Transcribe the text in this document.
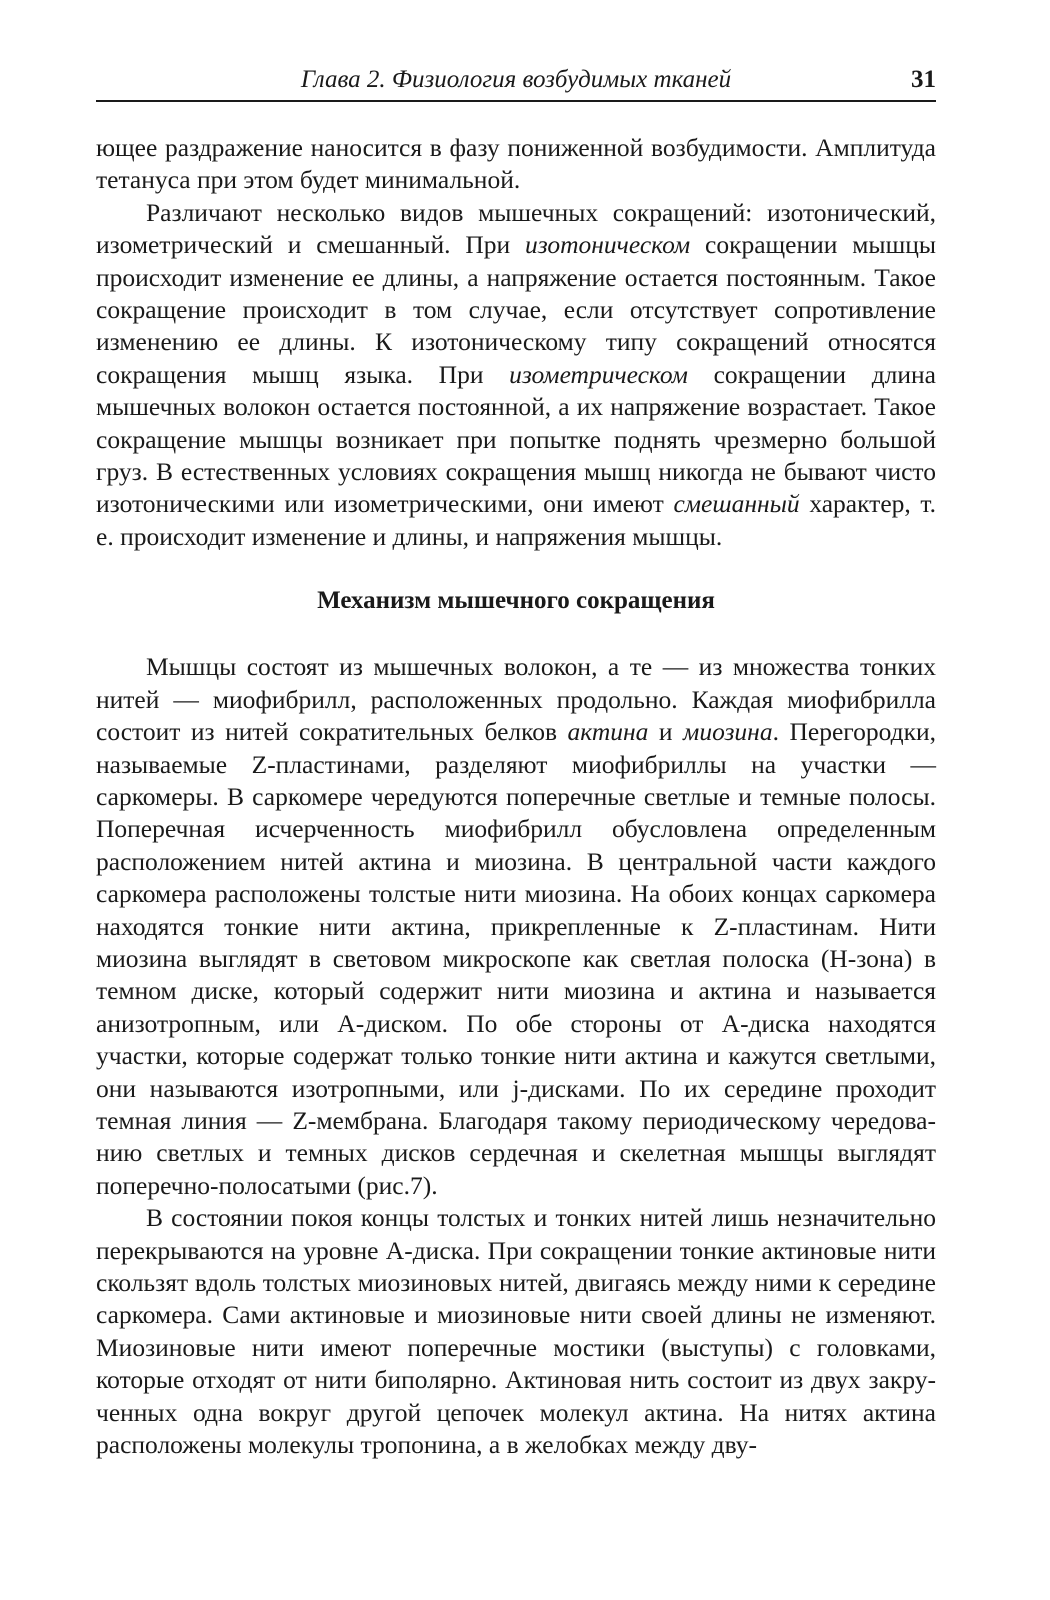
Глава 2. Физиология возбудимых тканей	31

ющее раздражение наносится в фазу пониженной возбудимости. Амплитуда тетануса при этом будет минимальной.

Различают несколько видов мышечных сокращений: изотонический, изометрический и смешанный. При изотоническом сокращении мышцы происходит изменение ее длины, а напряжение остается постоянным. Такое сокращение происходит в том случае, если отсутствует сопротивление изменению ее длины. К изотоническому типу сокращений относятся сокращения мышц языка. При изометрическом сокращении длина мышечных волокон остается постоянной, а их напряжение возрастает. Такое сокращение мышцы возникает при попытке поднять чрезмерно большой груз. В естественных условиях сокращения мышц никогда не бывают чисто изотоническими или изометрическими, они имеют смешанный характер, т. е. происходит изменение и длины, и напряжения мышцы.

Механизм мышечного сокращения

Мышцы состоят из мышечных волокон, а те — из множества тонких нитей — миофибрилл, расположенных продольно. Каждая миофибрилла состоит из нитей сократительных белков актина и миозина. Перегородки, называемые Z-пластинами, разделяют миофибриллы на участки — саркомеры. В саркомере чередуются поперечные светлые и темные полосы. Поперечная исчерченность миофибрилл обусловлена определенным расположением нитей актина и миозина. В центральной части каждого саркомера расположены толстые нити миозина. На обоих концах саркомера находятся тонкие нити актина, прикрепленные к Z-пластинам. Нити миозина выглядят в световом микроскопе как светлая полоска (Н-зона) в темном диске, который содержит нити миозина и актина и называется анизотропным, или А-диском. По обе стороны от А-диска находятся участки, которые содержат только тонкие нити актина и кажутся светлыми, они называются изотропными, или j-дисками. По их середине проходит темная линия — Z-мембрана. Благодаря такому периодическому чередованию светлых и темных дисков сердечная и скелетная мышцы выглядят поперечно-полосатыми (рис.7).

В состоянии покоя концы толстых и тонких нитей лишь незначительно перекрываются на уровне А-диска. При сокращении тонкие актиновые нити скользят вдоль толстых миозиновых нитей, двигаясь между ними к середине саркомера. Сами актиновые и миозиновые нити своей длины не изменяют. Миозиновые нити имеют поперечные мостики (выступы) с головками, которые отходят от нити биполярно. Актиновая нить состоит из двух закрученных одна вокруг другой цепочек молекул актина. На нитях актина расположены молекулы тропонина, а в желобках между дву-
